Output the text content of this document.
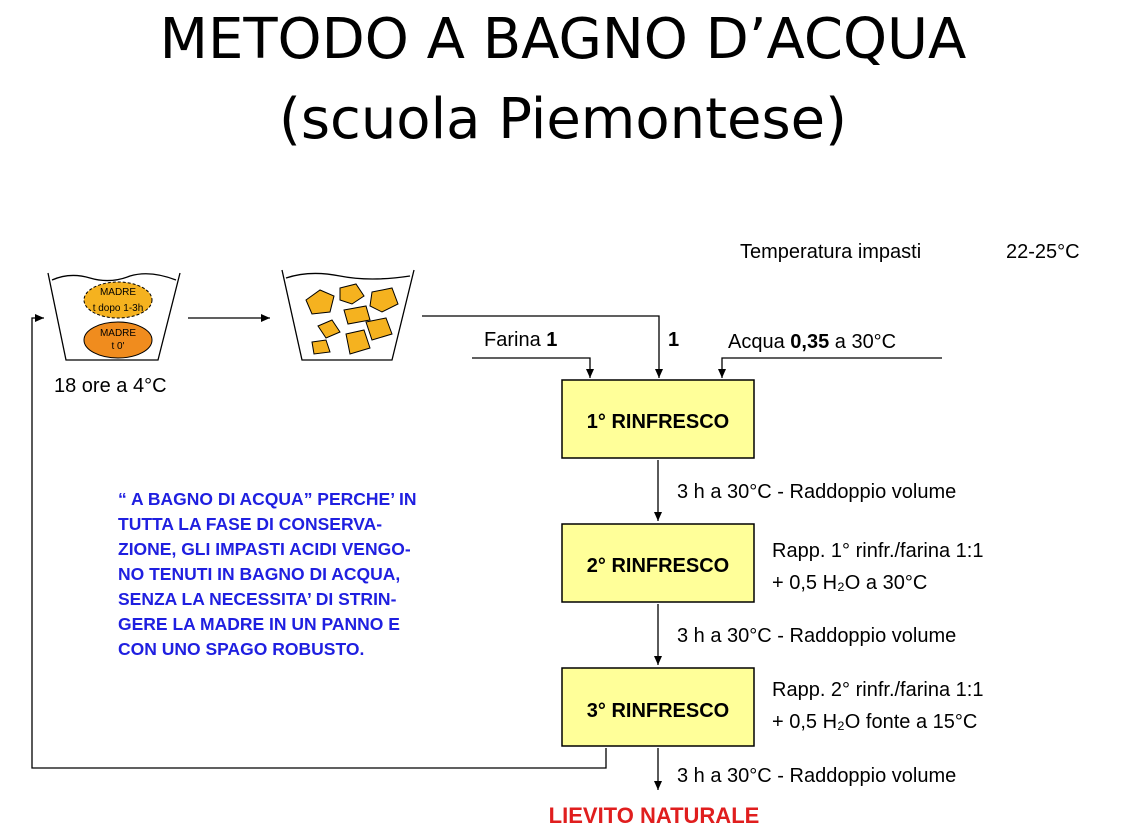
METODO A BAGNO D’ACQUA
(scuola Piemontese)
Temperatura impasti	22-25°C
MADRE
t dopo 1-3h
MADRE
t 0'
18 ore a 4°C
Farina 1	1 Acqua 0,35 a 30°C
1° RINFRESCO
3 h a 30°C - Raddoppio volume
2° RINFRESCO
Rapp. 1° rinfr./farina 1:1
+ 0,5 H₂O a 30°C
3 h a 30°C - Raddoppio volume
3° RINFRESCO
Rapp. 2° rinfr./farina 1:1
+ 0,5 H₂O fonte a 15°C
3 h a 30°C - Raddoppio volume
LIEVITO NATURALE
“ A BAGNO DI ACQUA” PERCHE’ IN
TUTTA LA FASE DI CONSERVA-
ZIONE, GLI IMPASTI ACIDI VENGO-
NO TENUTI IN BAGNO DI ACQUA,
SENZA LA NECESSITA’ DI STRIN-
GERE LA MADRE IN UN PANNO E
CON UNO SPAGO ROBUSTO.
